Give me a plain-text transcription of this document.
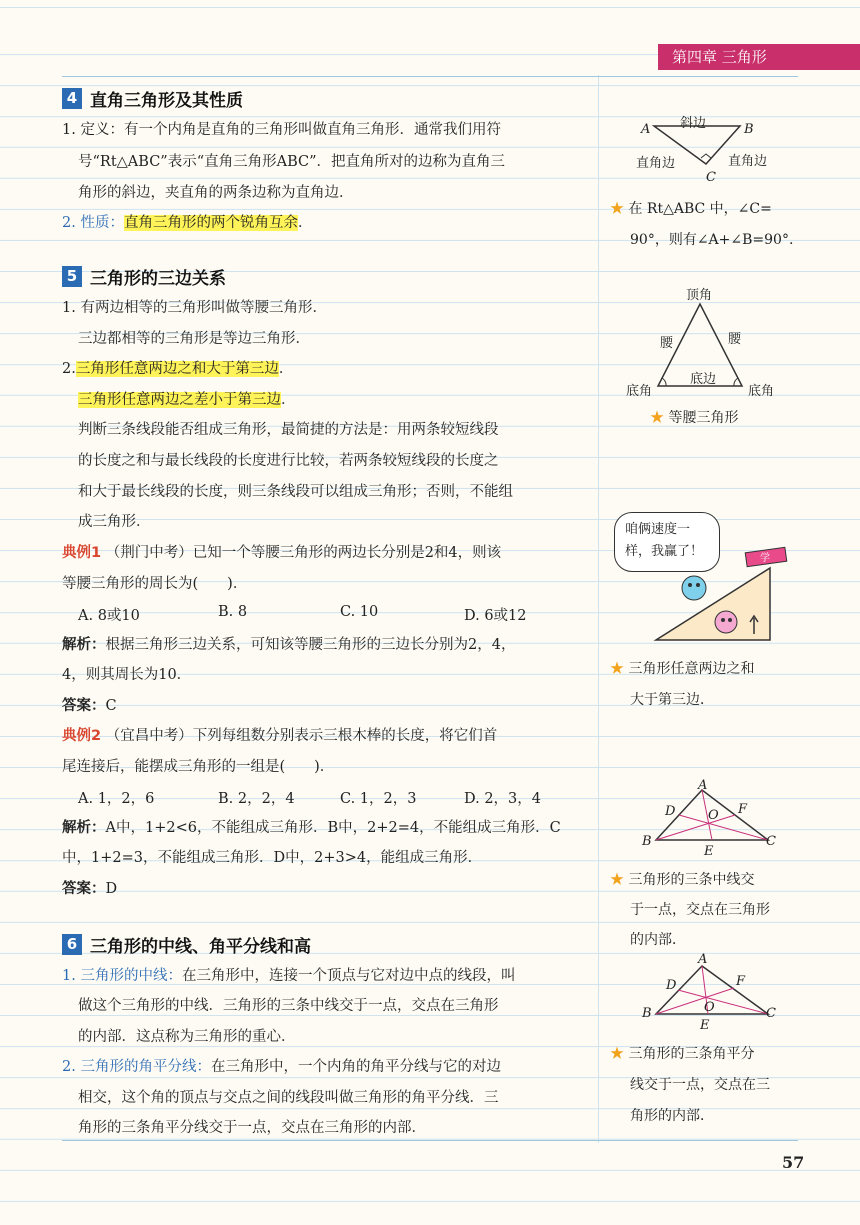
第四章 三角形
4 直角三角形及其性质
1. 定义：有一个内角是直角的三角形叫做直角三角形．通常我们用符
号“Rt△ABC”表示“直角三角形ABC”．把直角所对的边称为直角三
角形的斜边，夹直角的两条边称为直角边．
2. 性质：直角三角形的两个锐角互余．
5 三角形的三边关系
1. 有两边相等的三角形叫做等腰三角形．
三边都相等的三角形是等边三角形．
2.三角形任意两边之和大于第三边．
三角形任意两边之差小于第三边．
判断三条线段能否组成三角形，最简捷的方法是：用两条较短线段
的长度之和与最长线段的长度进行比较，若两条较短线段的长度之
和大于最长线段的长度，则三条线段可以组成三角形；否则，不能组
成三角形．
典例1 （荆门中考）已知一个等腰三角形的两边长分别是2和4，则该
等腰三角形的周长为(　　)．
A. 8或10	B. 8	C. 10	D. 6或12
解析：根据三角形三边关系，可知该等腰三角形的三边长分别为2，4，
4，则其周长为10．
答案：C
典例2 （宜昌中考）下列每组数分别表示三根木棒的长度，将它们首
尾连接后，能摆成三角形的一组是(　　)．
A. 1，2，6	B. 2，2，4	C. 1，2，3	D. 2，3，4
解析：A中，1+2<6，不能组成三角形．B中，2+2=4，不能组成三角形．C
中，1+2=3，不能组成三角形．D中，2+3>4，能组成三角形．
答案：D
6 三角形的中线、角平分线和高
1. 三角形的中线：在三角形中，连接一个顶点与它对边中点的线段，叫
做这个三角形的中线．三角形的三条中线交于一点，交点在三角形
的内部．这点称为三角形的重心．
2. 三角形的角平分线：在三角形中，一个内角的角平分线与它的对边
相交，这个角的顶点与交点之间的线段叫做三角形的角平分线．三
角形的三条角平分线交于一点，交点在三角形的内部．
57
A	B
C
斜边
直角边	直角边
★ 在 Rt△ABC 中，∠C=
90°，则有∠A+∠B=90°.
顶角
腰	腰
底边
底角	底角
★ 等腰三角形
咱俩速度一
样，我赢了！	学
★ 三角形任意两边之和
大于第三边．
A
B	C
D
E
F
O
★ 三角形的三条中线交
于一点，交点在三角形
的内部．
A
B	C
D
E
F
O
★ 三角形的三条角平分
线交于一点，交点在三
角形的内部．
